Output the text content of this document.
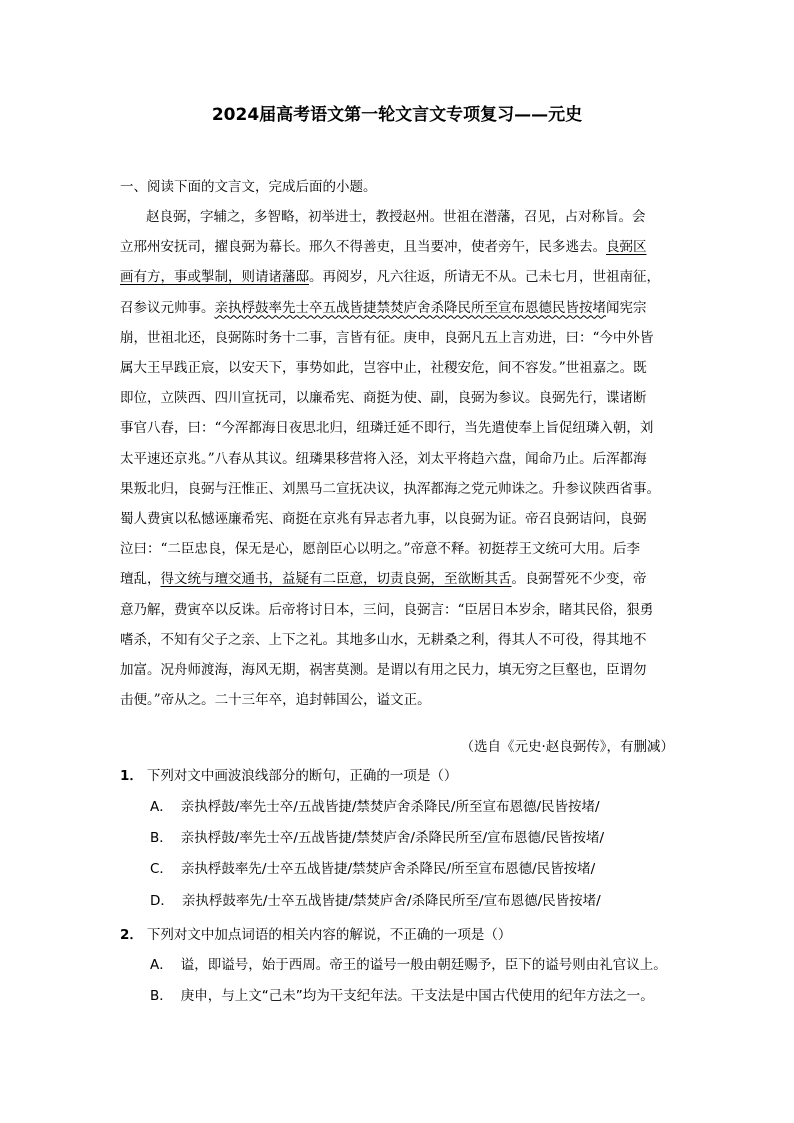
2024届高考语文第一轮文言文专项复习——元史
一、阅读下面的文言文，完成后面的小题。
赵良弼，字辅之，多智略，初举进士，教授赵州。世祖在潜藩，召见，占对称旨。会
立邢州安抚司，擢良弼为幕长。邢久不得善吏，且当要冲，使者旁午，民多逃去。良弼区
画有方，事或掣制，则请诸藩邸。再阅岁，凡六往返，所请无不从。己未七月，世祖南征，
召参议元帅事。亲执桴鼓率先士卒五战皆捷禁焚庐舍杀降民所至宣布恩德民皆按堵闻宪宗
崩，世祖北还，良弼陈时务十二事，言皆有征。庚申，良弼凡五上言劝进，曰：“今中外皆
属大王早践正宸，以安天下，事势如此，岂容中止，社稷安危，间不容发。”世祖嘉之。既
即位，立陕西、四川宣抚司，以廉希宪、商挺为使、副，良弼为参议。良弼先行，谍诸断
事官八春，曰：“今浑都海日夜思北归，纽璘迁延不即行，当先遣使奉上旨促纽璘入朝，刘
太平速还京兆。”八春从其议。纽璘果移营将入泾，刘太平将趋六盘，闻命乃止。后浑都海
果叛北归，良弼与汪惟正、刘黑马二宣抚决议，执浑都海之党元帅诛之。升参议陕西省事。
蜀人费寅以私憾诬廉希宪、商挺在京兆有异志者九事，以良弼为证。帝召良弼诘问，良弼
泣曰：“二臣忠良，保无是心，愿剖臣心以明之。”帝意不释。初挺荐王文统可大用。后李
璮乱，得文统与璮交通书，益疑有二臣意，切责良弼，至欲断其舌。良弼誓死不少变，帝
意乃解，费寅卒以反诛。后帝将讨日本，三问，良弼言：“臣居日本岁余，睹其民俗，狠勇
嗜杀，不知有父子之亲、上下之礼。其地多山水，无耕桑之利，得其人不可役，得其地不
加富。况舟师渡海，海风无期，祸害莫测。是谓以有用之民力，填无穷之巨壑也，臣谓勿
击便。”帝从之。二十三年卒，追封韩国公，谥文正。
（选自《元史·赵良弼传》，有删减）
1． 下列对文中画波浪线部分的断句，正确的一项是（）
A． 亲执桴鼓/率先士卒/五战皆捷/禁焚庐舍杀降民/所至宣布恩德/民皆按堵/
B． 亲执桴鼓/率先士卒/五战皆捷/禁焚庐舍/杀降民所至/宣布恩德/民皆按堵/
C． 亲执桴鼓率先/士卒五战皆捷/禁焚庐舍杀降民/所至宣布恩德/民皆按堵/
D． 亲执桴鼓率先/士卒五战皆捷/禁焚庐舍/杀降民所至/宣布恩德/民皆按堵/
2． 下列对文中加点词语的相关内容的解说，不正确的一项是（）
A． 谥，即谥号，始于西周。帝王的谥号一般由朝廷赐予，臣下的谥号则由礼官议上。
B． 庚申，与上文“己未”均为干支纪年法。干支法是中国古代使用的纪年方法之一。
